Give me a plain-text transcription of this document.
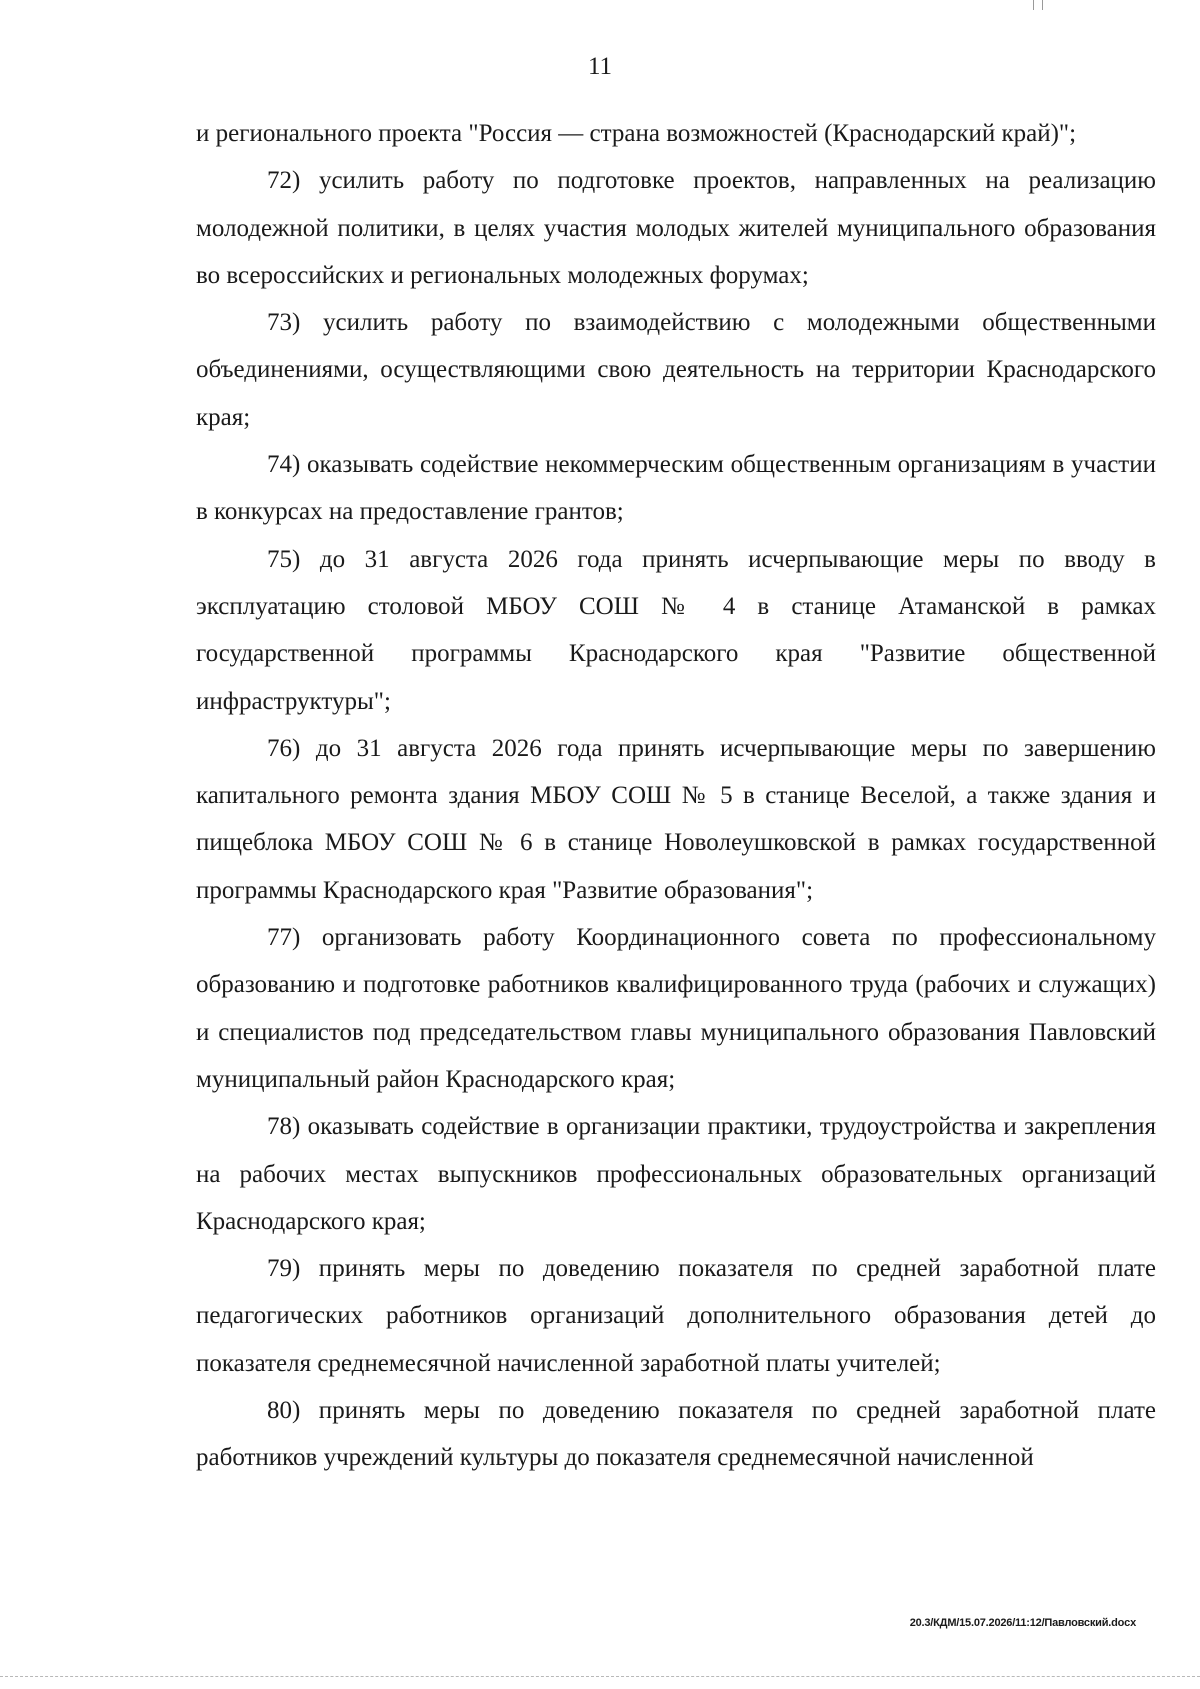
11

и регионального проекта "Россия — страна возможностей (Краснодарский край)";

72) усилить работу по подготовке проектов, направленных на реализацию молодежной политики, в целях участия молодых жителей муниципального образования во всероссийских и региональных молодежных форумах;

73) усилить работу по взаимодействию с молодежными общественными объединениями, осуществляющими свою деятельность на территории Краснодарского края;

74) оказывать содействие некоммерческим общественным организациям в участии в конкурсах на предоставление грантов;

75) до 31 августа 2026 года принять исчерпывающие меры по вводу в эксплуатацию столовой МБОУ СОШ № 4 в станице Атаманской в рамках государственной программы Краснодарского края "Развитие общественной инфраструктуры";

76) до 31 августа 2026 года принять исчерпывающие меры по завершению капитального ремонта здания МБОУ СОШ № 5 в станице Веселой, а также здания и пищеблока МБОУ СОШ № 6 в станице Новолеушковской в рамках государственной программы Краснодарского края "Развитие образования";

77) организовать работу Координационного совета по профессиональному образованию и подготовке работников квалифицированного труда (рабочих и служащих) и специалистов под председательством главы муниципального образования Павловский муниципальный район Краснодарского края;

78) оказывать содействие в организации практики, трудоустройства и закрепления на рабочих местах выпускников профессиональных образовательных организаций Краснодарского края;

79) принять меры по доведению показателя по средней заработной плате педагогических работников организаций дополнительного образования детей до показателя среднемесячной начисленной заработной платы учителей;

80) принять меры по доведению показателя по средней заработной плате работников учреждений культуры до показателя среднемесячной начисленной

20.3/КДМ/15.07.2026/11:12/Павловский.docx
